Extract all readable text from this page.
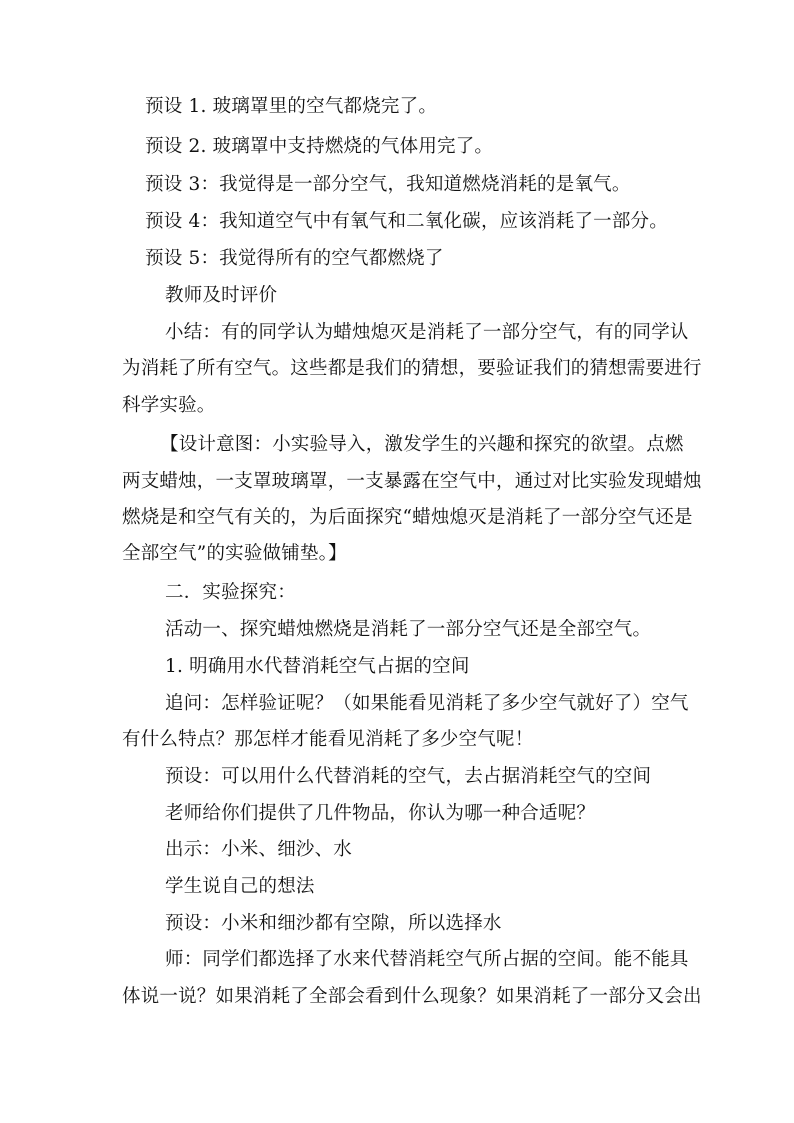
预设 1. 玻璃罩里的空气都烧完了。
预设 2. 玻璃罩中支持燃烧的气体用完了。
预设 3：我觉得是一部分空气，我知道燃烧消耗的是氧气。
预设 4：我知道空气中有氧气和二氧化碳，应该消耗了一部分。
预设 5：我觉得所有的空气都燃烧了
教师及时评价
小结：有的同学认为蜡烛熄灭是消耗了一部分空气，有的同学认
为消耗了所有空气。这些都是我们的猜想，要验证我们的猜想需要进行
科学实验。
【设计意图：小实验导入，激发学生的兴趣和探究的欲望。点燃
两支蜡烛，一支罩玻璃罩，一支暴露在空气中，通过对比实验发现蜡烛
燃烧是和空气有关的，为后面探究“蜡烛熄灭是消耗了一部分空气还是
全部空气”的实验做铺垫。】
二．实验探究：
活动一、探究蜡烛燃烧是消耗了一部分空气还是全部空气。
1. 明确用水代替消耗空气占据的空间
追问：怎样验证呢？（如果能看见消耗了多少空气就好了）空气
有什么特点？那怎样才能看见消耗了多少空气呢！
预设：可以用什么代替消耗的空气，去占据消耗空气的空间
老师给你们提供了几件物品，你认为哪一种合适呢？
出示：小米、细沙、水
学生说自己的想法
预设：小米和细沙都有空隙，所以选择水
师：同学们都选择了水来代替消耗空气所占据的空间。能不能具
体说一说？如果消耗了全部会看到什么现象？如果消耗了一部分又会出
